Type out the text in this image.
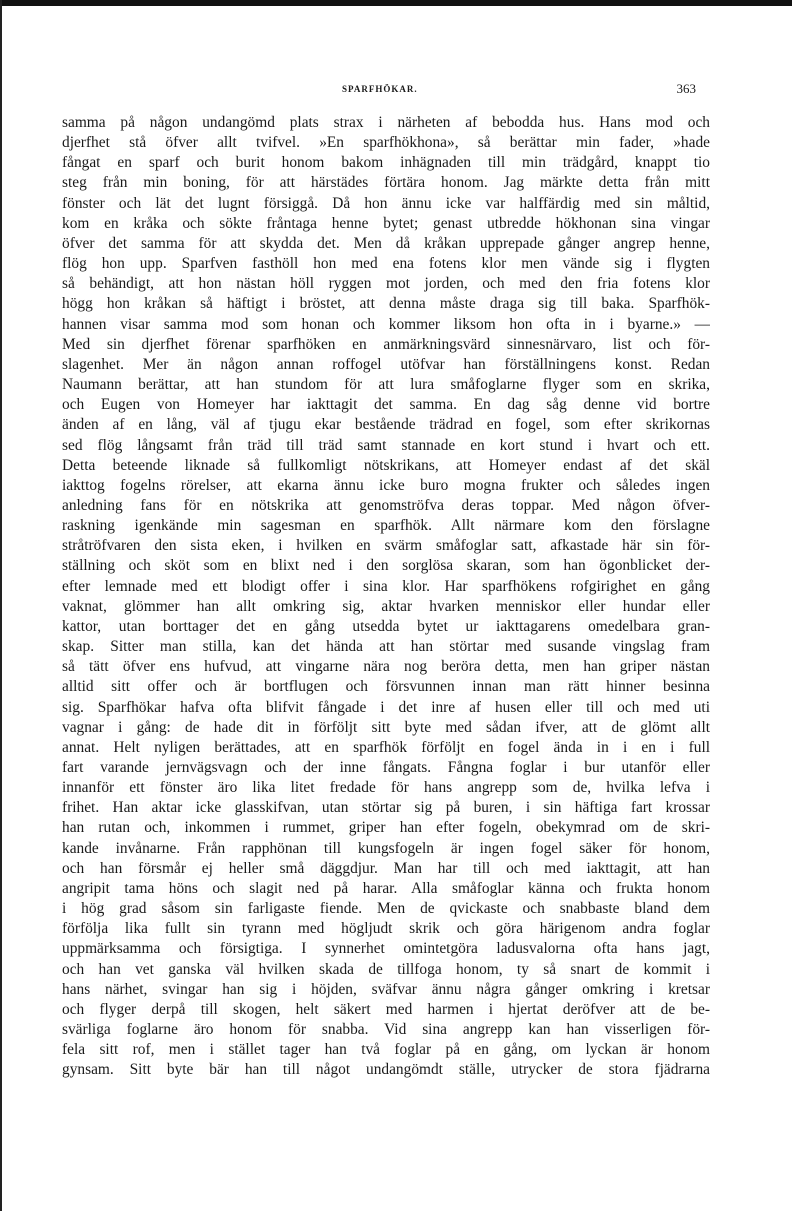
SPARFHÖKAR.	363
samma på någon undangömd plats strax i närheten af bebodda hus. Hans mod och
djerfhet stå öfver allt tvifvel. »En sparfhökhona», så berättar min fader, »hade
fångat en sparf och burit honom bakom inhägnaden till min trädgård, knappt tio
steg från min boning, för att härstädes förtära honom. Jag märkte detta från mitt
fönster och lät det lugnt försiggå. Då hon ännu icke var halffärdig med sin måltid,
kom en kråka och sökte fråntaga henne bytet; genast utbredde hökhonan sina vingar
öfver det samma för att skydda det. Men då kråkan upprepade gånger angrep henne,
flög hon upp. Sparfven fasthöll hon med ena fotens klor men vände sig i flygten
så behändigt, att hon nästan höll ryggen mot jorden, och med den fria fotens klor
högg hon kråkan så häftigt i bröstet, att denna måste draga sig till baka. Sparfhök-
hannen visar samma mod som honan och kommer liksom hon ofta in i byarne.» —
Med sin djerfhet förenar sparfhöken en anmärkningsvärd sinnesnärvaro, list och för-
slagenhet. Mer än någon annan roffogel utöfvar han förställningens konst. Redan
Naumann berättar, att han stundom för att lura småfoglarne flyger som en skrika,
och Eugen von Homeyer har iakttagit det samma. En dag såg denne vid bortre
änden af en lång, väl af tjugu ekar bestående trädrad en fogel, som efter skrikornas
sed flög långsamt från träd till träd samt stannade en kort stund i hvart och ett.
Detta beteende liknade så fullkomligt nötskrikans, att Homeyer endast af det skäl
iakttog fogelns rörelser, att ekarna ännu icke buro mogna frukter och således ingen
anledning fans för en nötskrika att genomströfva deras toppar. Med någon öfver-
raskning igenkände min sagesman en sparfhök. Allt närmare kom den förslagne
stråtröfvaren den sista eken, i hvilken en svärm småfoglar satt, afkastade här sin för-
ställning och sköt som en blixt ned i den sorglösa skaran, som han ögonblicket der-
efter lemnade med ett blodigt offer i sina klor. Har sparfhökens rofgirighet en gång
vaknat, glömmer han allt omkring sig, aktar hvarken menniskor eller hundar eller
kattor, utan borttager det en gång utsedda bytet ur iakttagarens omedelbara gran-
skap. Sitter man stilla, kan det hända att han störtar med susande vingslag fram
så tätt öfver ens hufvud, att vingarne nära nog beröra detta, men han griper nästan
alltid sitt offer och är bortflugen och försvunnen innan man rätt hinner besinna
sig. Sparfhökar hafva ofta blifvit fångade i det inre af husen eller till och med uti
vagnar i gång: de hade dit in förföljt sitt byte med sådan ifver, att de glömt allt
annat. Helt nyligen berättades, att en sparfhök förföljt en fogel ända in i en i full
fart varande jernvägsvagn och der inne fångats. Fångna foglar i bur utanför eller
innanför ett fönster äro lika litet fredade för hans angrepp som de, hvilka lefva i
frihet. Han aktar icke glasskifvan, utan störtar sig på buren, i sin häftiga fart krossar
han rutan och, inkommen i rummet, griper han efter fogeln, obekymrad om de skri-
kande invånarne. Från rapphönan till kungsfogeln är ingen fogel säker för honom,
och han försmår ej heller små däggdjur. Man har till och med iakttagit, att han
angripit tama höns och slagit ned på harar. Alla småfoglar känna och frukta honom
i hög grad såsom sin farligaste fiende. Men de qvickaste och snabbaste bland dem
förfölja lika fullt sin tyrann med högljudt skrik och göra härigenom andra foglar
uppmärksamma och försigtiga. I synnerhet omintetgöra ladusvalorna ofta hans jagt,
och han vet ganska väl hvilken skada de tillfoga honom, ty så snart de kommit i
hans närhet, svingar han sig i höjden, sväfvar ännu några gånger omkring i kretsar
och flyger derpå till skogen, helt säkert med harmen i hjertat deröfver att de be-
svärliga foglarne äro honom för snabba. Vid sina angrepp kan han visserligen för-
fela sitt rof, men i stället tager han två foglar på en gång, om lyckan är honom
gynsam. Sitt byte bär han till något undangömdt ställe, utrycker de stora fjädrarna
